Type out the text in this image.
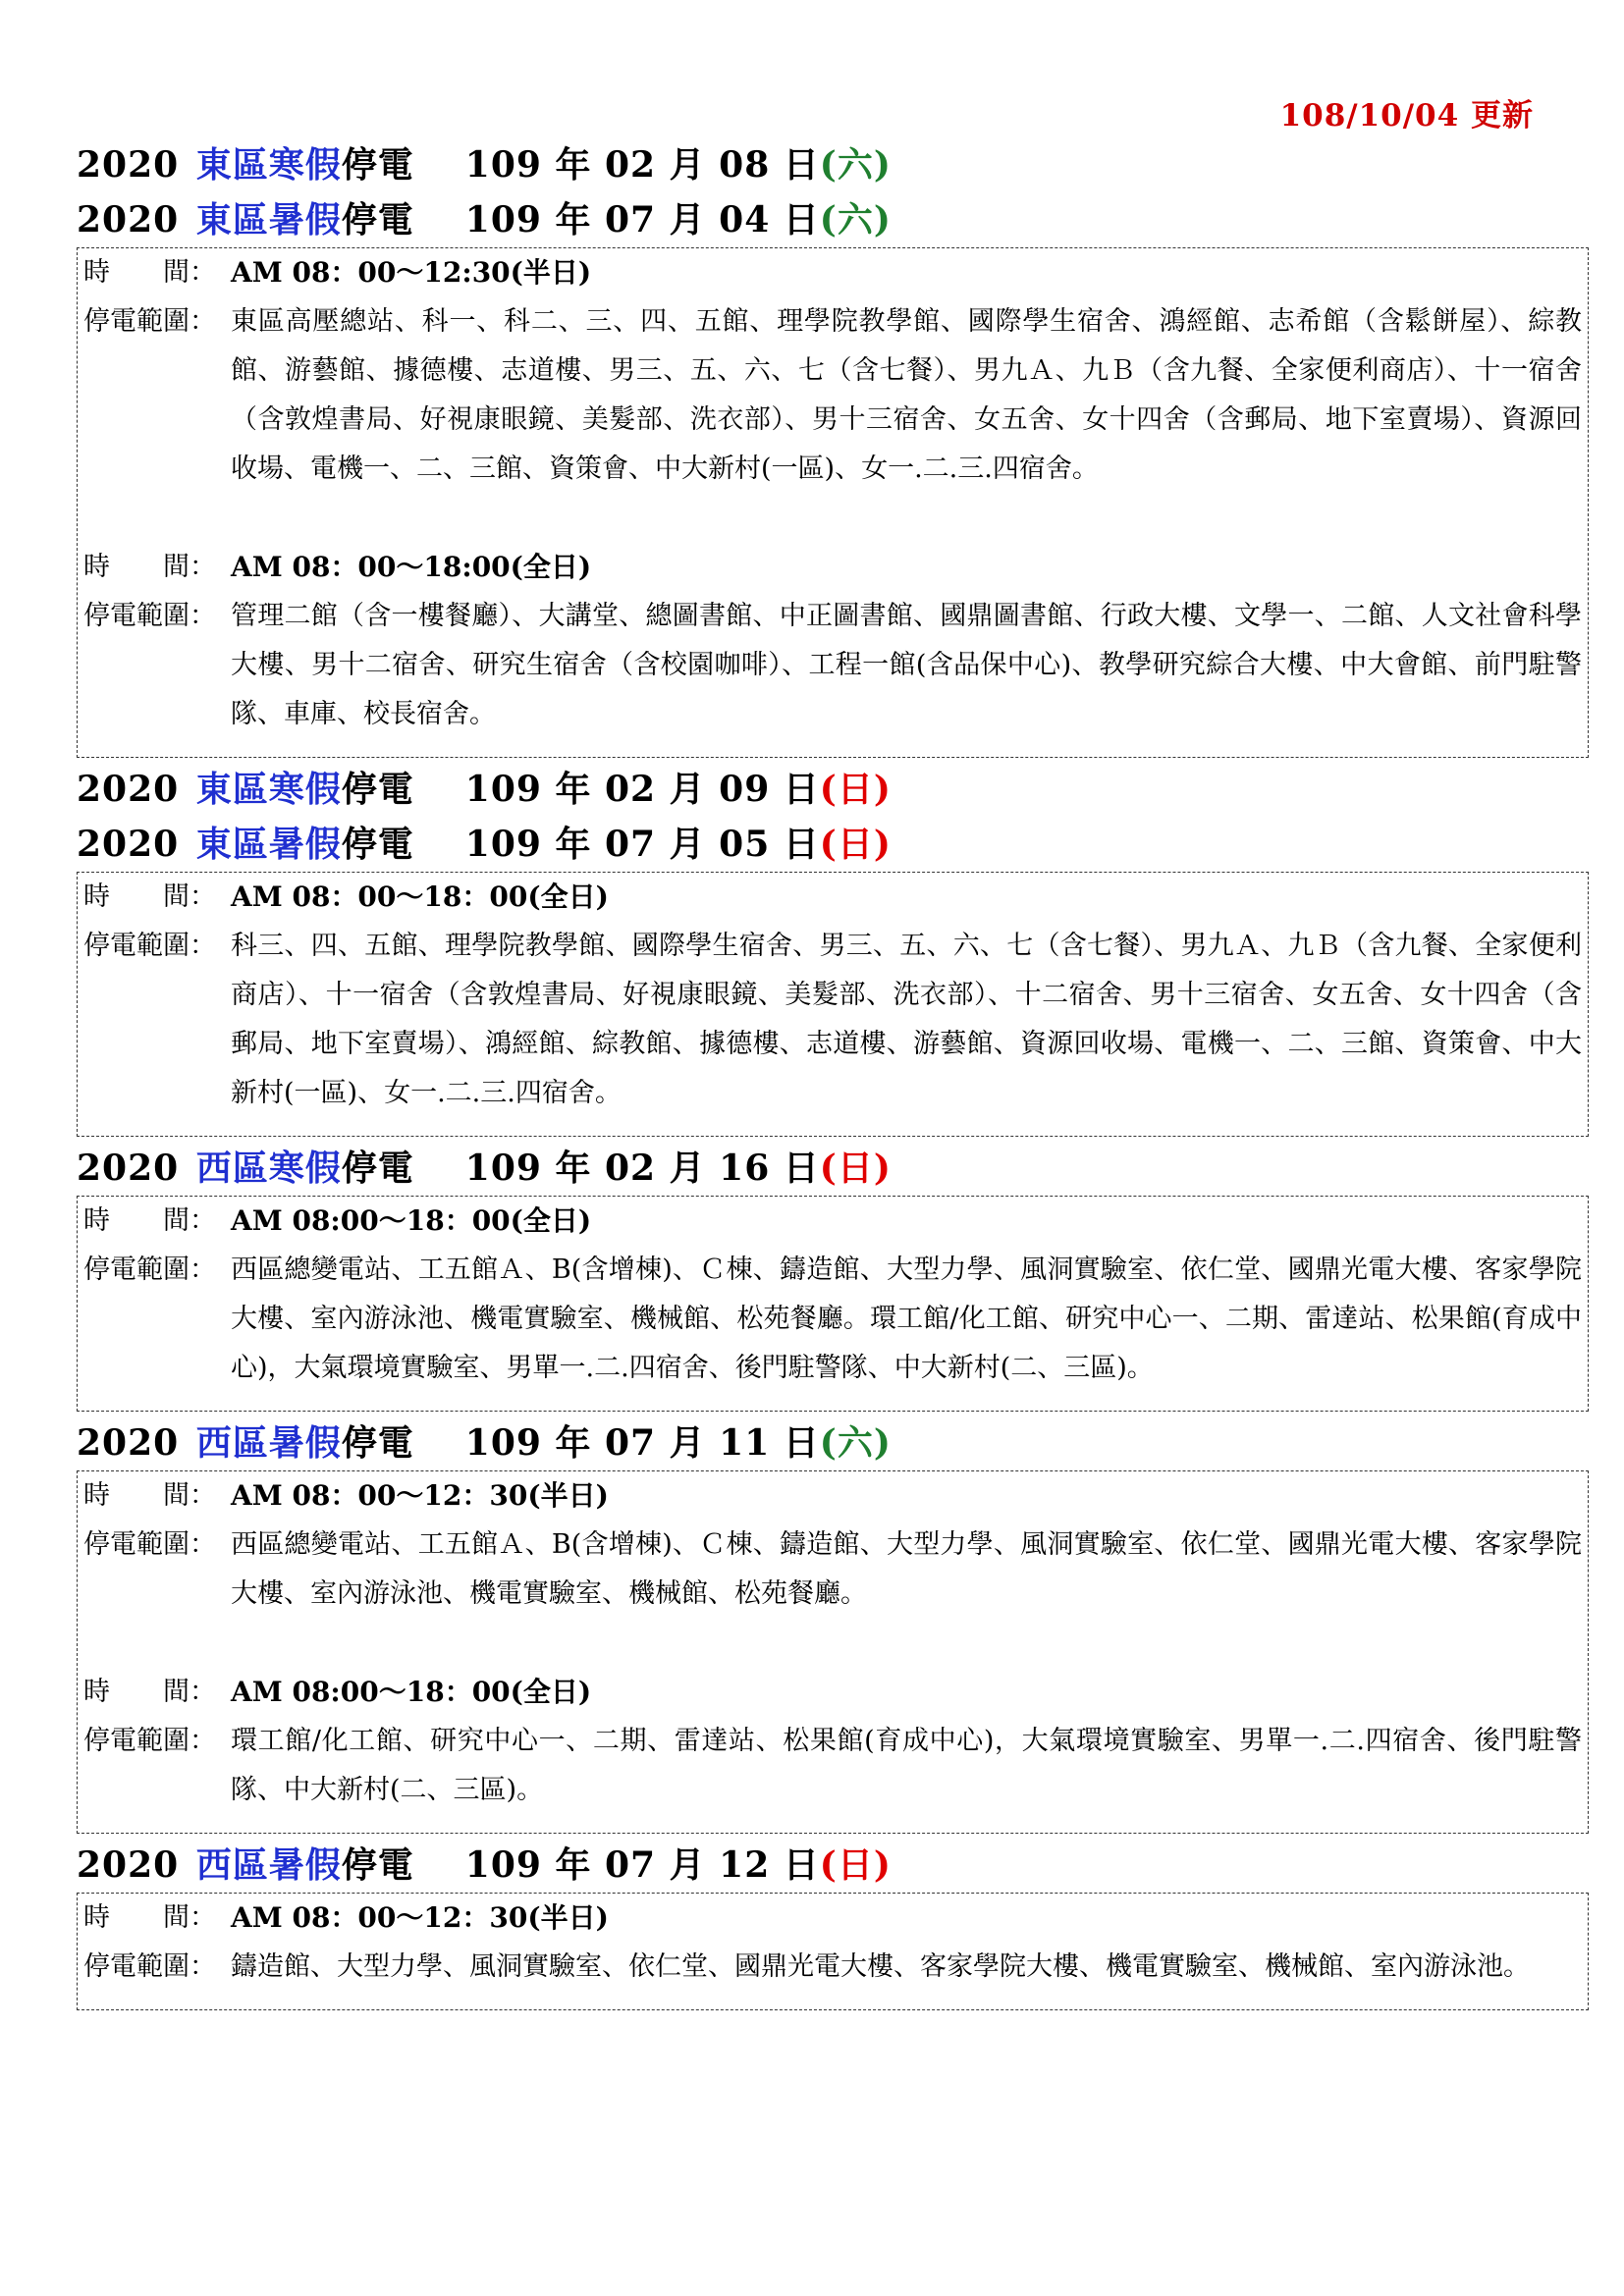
108/10/04 更新
2020 東區寒假停電 109 年 02 月 08 日(六)
2020 東區暑假停電 109 年 07 月 04 日(六)
時　　間： AM 08：00～12:30(半日)
停電範圍： 東區高壓總站、科一、科二、三、四、五館、理學院教學館、國際學生宿舍、鴻經館、志希館（含鬆餅屋）、綜教館、游藝館、據德樓、志道樓、男三、五、六、七（含七餐）、男九Ａ、九Ｂ（含九餐、全家便利商店）、十一宿舍（含敦煌書局、好視康眼鏡、美髮部、洗衣部）、男十三宿舍、女五舍、女十四舍（含郵局、地下室賣場）、資源回收場、電機一、二、三館、資策會、中大新村(一區)、女一.二.三.四宿舍。
時　　間： AM 08：00～18:00(全日)
停電範圍： 管理二館（含一樓餐廳）、大講堂、總圖書館、中正圖書館、國鼎圖書館、行政大樓、文學一、二館、人文社會科學大樓、男十二宿舍、研究生宿舍（含校園咖啡）、工程一館(含品保中心)、教學研究綜合大樓、中大會館、前門駐警隊、車庫、校長宿舍。
2020 東區寒假停電 109 年 02 月 09 日(日)
2020 東區暑假停電 109 年 07 月 05 日(日)
時　　間： AM 08：00～18：00(全日)
停電範圍： 科三、四、五館、理學院教學館、國際學生宿舍、男三、五、六、七（含七餐）、男九Ａ、九Ｂ（含九餐、全家便利商店）、十一宿舍（含敦煌書局、好視康眼鏡、美髮部、洗衣部）、十二宿舍、男十三宿舍、女五舍、女十四舍（含郵局、地下室賣場）、鴻經館、綜教館、據德樓、志道樓、游藝館、資源回收場、電機一、二、三館、資策會、中大新村(一區)、女一.二.三.四宿舍。
2020 西區寒假停電 109 年 02 月 16 日(日)
時　　間： AM 08:00～18：00(全日)
停電範圍： 西區總變電站、工五館Ａ、B(含增棟)、Ｃ棟、鑄造館、大型力學、風洞實驗室、依仁堂、國鼎光電大樓、客家學院大樓、室內游泳池、機電實驗室、機械館、松苑餐廳。環工館/化工館、研究中心一、二期、雷達站、松果館(育成中心)，大氣環境實驗室、男單一.二.四宿舍、後門駐警隊、中大新村(二、三區)。
2020 西區暑假停電 109 年 07 月 11 日(六)
時　　間： AM 08：00～12：30(半日)
停電範圍： 西區總變電站、工五館Ａ、B(含增棟)、Ｃ棟、鑄造館、大型力學、風洞實驗室、依仁堂、國鼎光電大樓、客家學院大樓、室內游泳池、機電實驗室、機械館、松苑餐廳。
時　　間： AM 08:00～18：00(全日)
停電範圍： 環工館/化工館、研究中心一、二期、雷達站、松果館(育成中心)，大氣環境實驗室、男單一.二.四宿舍、後門駐警隊、中大新村(二、三區)。
2020 西區暑假停電 109 年 07 月 12 日(日)
時　　間： AM 08：00～12：30(半日)
停電範圍： 鑄造館、大型力學、風洞實驗室、依仁堂、國鼎光電大樓、客家學院大樓、機電實驗室、機械館、室內游泳池。
